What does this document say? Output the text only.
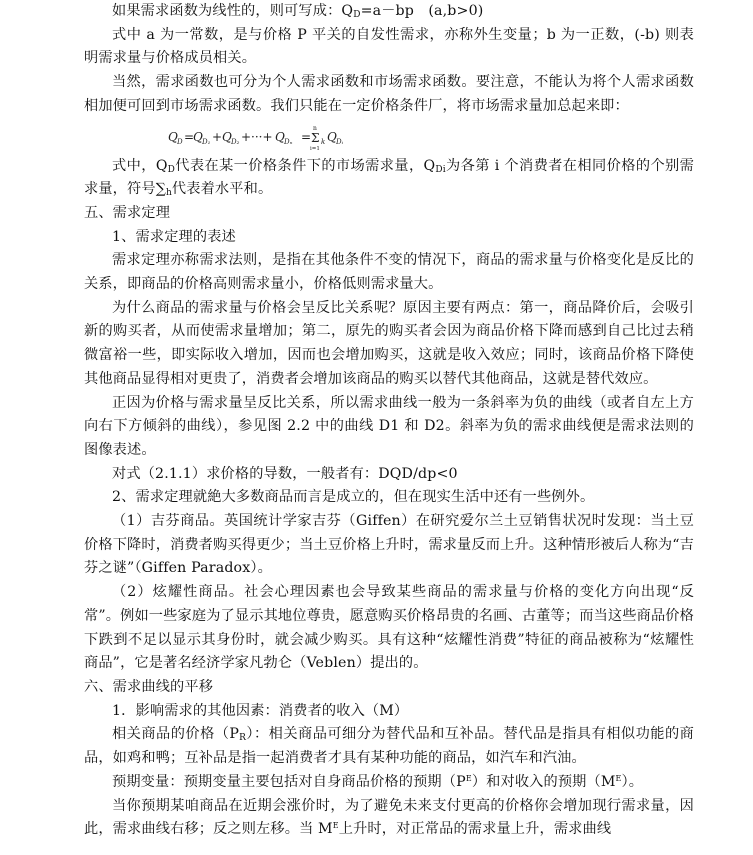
如果需求函数为线性的，则可写成：$Q_D=a-bp$　(a,b>0)

式中 a 为一常数，是与价格 P 平关的自发性需求，亦称外生变量；b 为一正数，(-b) 则表明需求量与价格成员相关。

当然，需求函数也可分为个人需求函数和市场需求函数。要注意，不能认为将个人需求函数相加便可回到市场需求函数。我们只能在一定价格条件厂，将市场需求量加总起来即：

Q D =
Q D₁ + Q D₂ +···+ Q Dₙ =
n
Σ
i=1
k Q Dᵢ

式中，$Q_D$代表在某一价格条件下的市场需求量，$Q_{Di}$为各第 i 个消费者在相同价格的个别需求量，符号$\sum_h$代表着水平和。

五、需求定理

1、需求定理的表述

需求定理亦称需求法则，是指在其他条件不变的情况下，商品的需求量与价格变化是反比的关系，即商品的价格高则需求量小，价格低则需求量大。

为什么商品的需求量与价格会呈反比关系呢？原因主要有两点：第一，商品降价后，会吸引新的购买者，从而使需求量增加；第二，原先的购买者会因为商品价格下降而感到自己比过去稍微富裕一些，即实际收入增加，因而也会增加购买，这就是收入效应；同时，该商品价格下降使其他商品显得相对更贵了，消费者会增加该商品的购买以替代其他商品，这就是替代效应。

正因为价格与需求量呈反比关系，所以需求曲线一般为一条斜率为负的曲线（或者自左上方向右下方倾斜的曲线），参见图 2.2 中的曲线 D1 和 D2。斜率为负的需求曲线便是需求法则的图像表述。

对式（2.1.1）求价格的导数，一般者有：DQD/dp<0

2、需求定理就絶大多数商品而言是成立的，但在现实生活中还有一些例外。

（1）吉芬商品。英国统计学家吉芬（Giffen）在研究爱尔兰土豆销售状况时发现：当土豆价格下降时，消费者购买得更少；当土豆价格上升时，需求量反而上升。这种情形被后人称为“吉芬之谜”（Giffen Paradox）。

（2）炫耀性商品。社会心理因素也会导致某些商品的需求量与价格的变化方向出现“反常”。例如一些家庭为了显示其地位尊贵，愿意购买价格昂贵的名画、古董等；而当这些商品价格下跌到不足以显示其身份时，就会减少购买。具有这种“炫耀性消费”特征的商品被称为“炫耀性商品”，它是著名经济学家凡勃仑（Veblen）提出的。

六、需求曲线的平移

1．影响需求的其他因素：消费者的收入（M）

相关商品的价格$(P_R)$：相关商品可细分为替代品和互补品。替代品是指具有相似功能的商品，如鸡和鸭；互补品是指一起消费者才具有某种功能的商品，如汽车和汽油。

预期变量：预期变量主要包括对自身商品价格的预期$(P^E)$和对收入的预期$(M^E)$。

当你预期某咱商品在近期会涨价时，为了避免未来支付更高的价格你会增加现行需求量，因此，需求曲线右移；反之则左移。当 $M^E$上升时，对正常品的需求量上升，需求曲线
